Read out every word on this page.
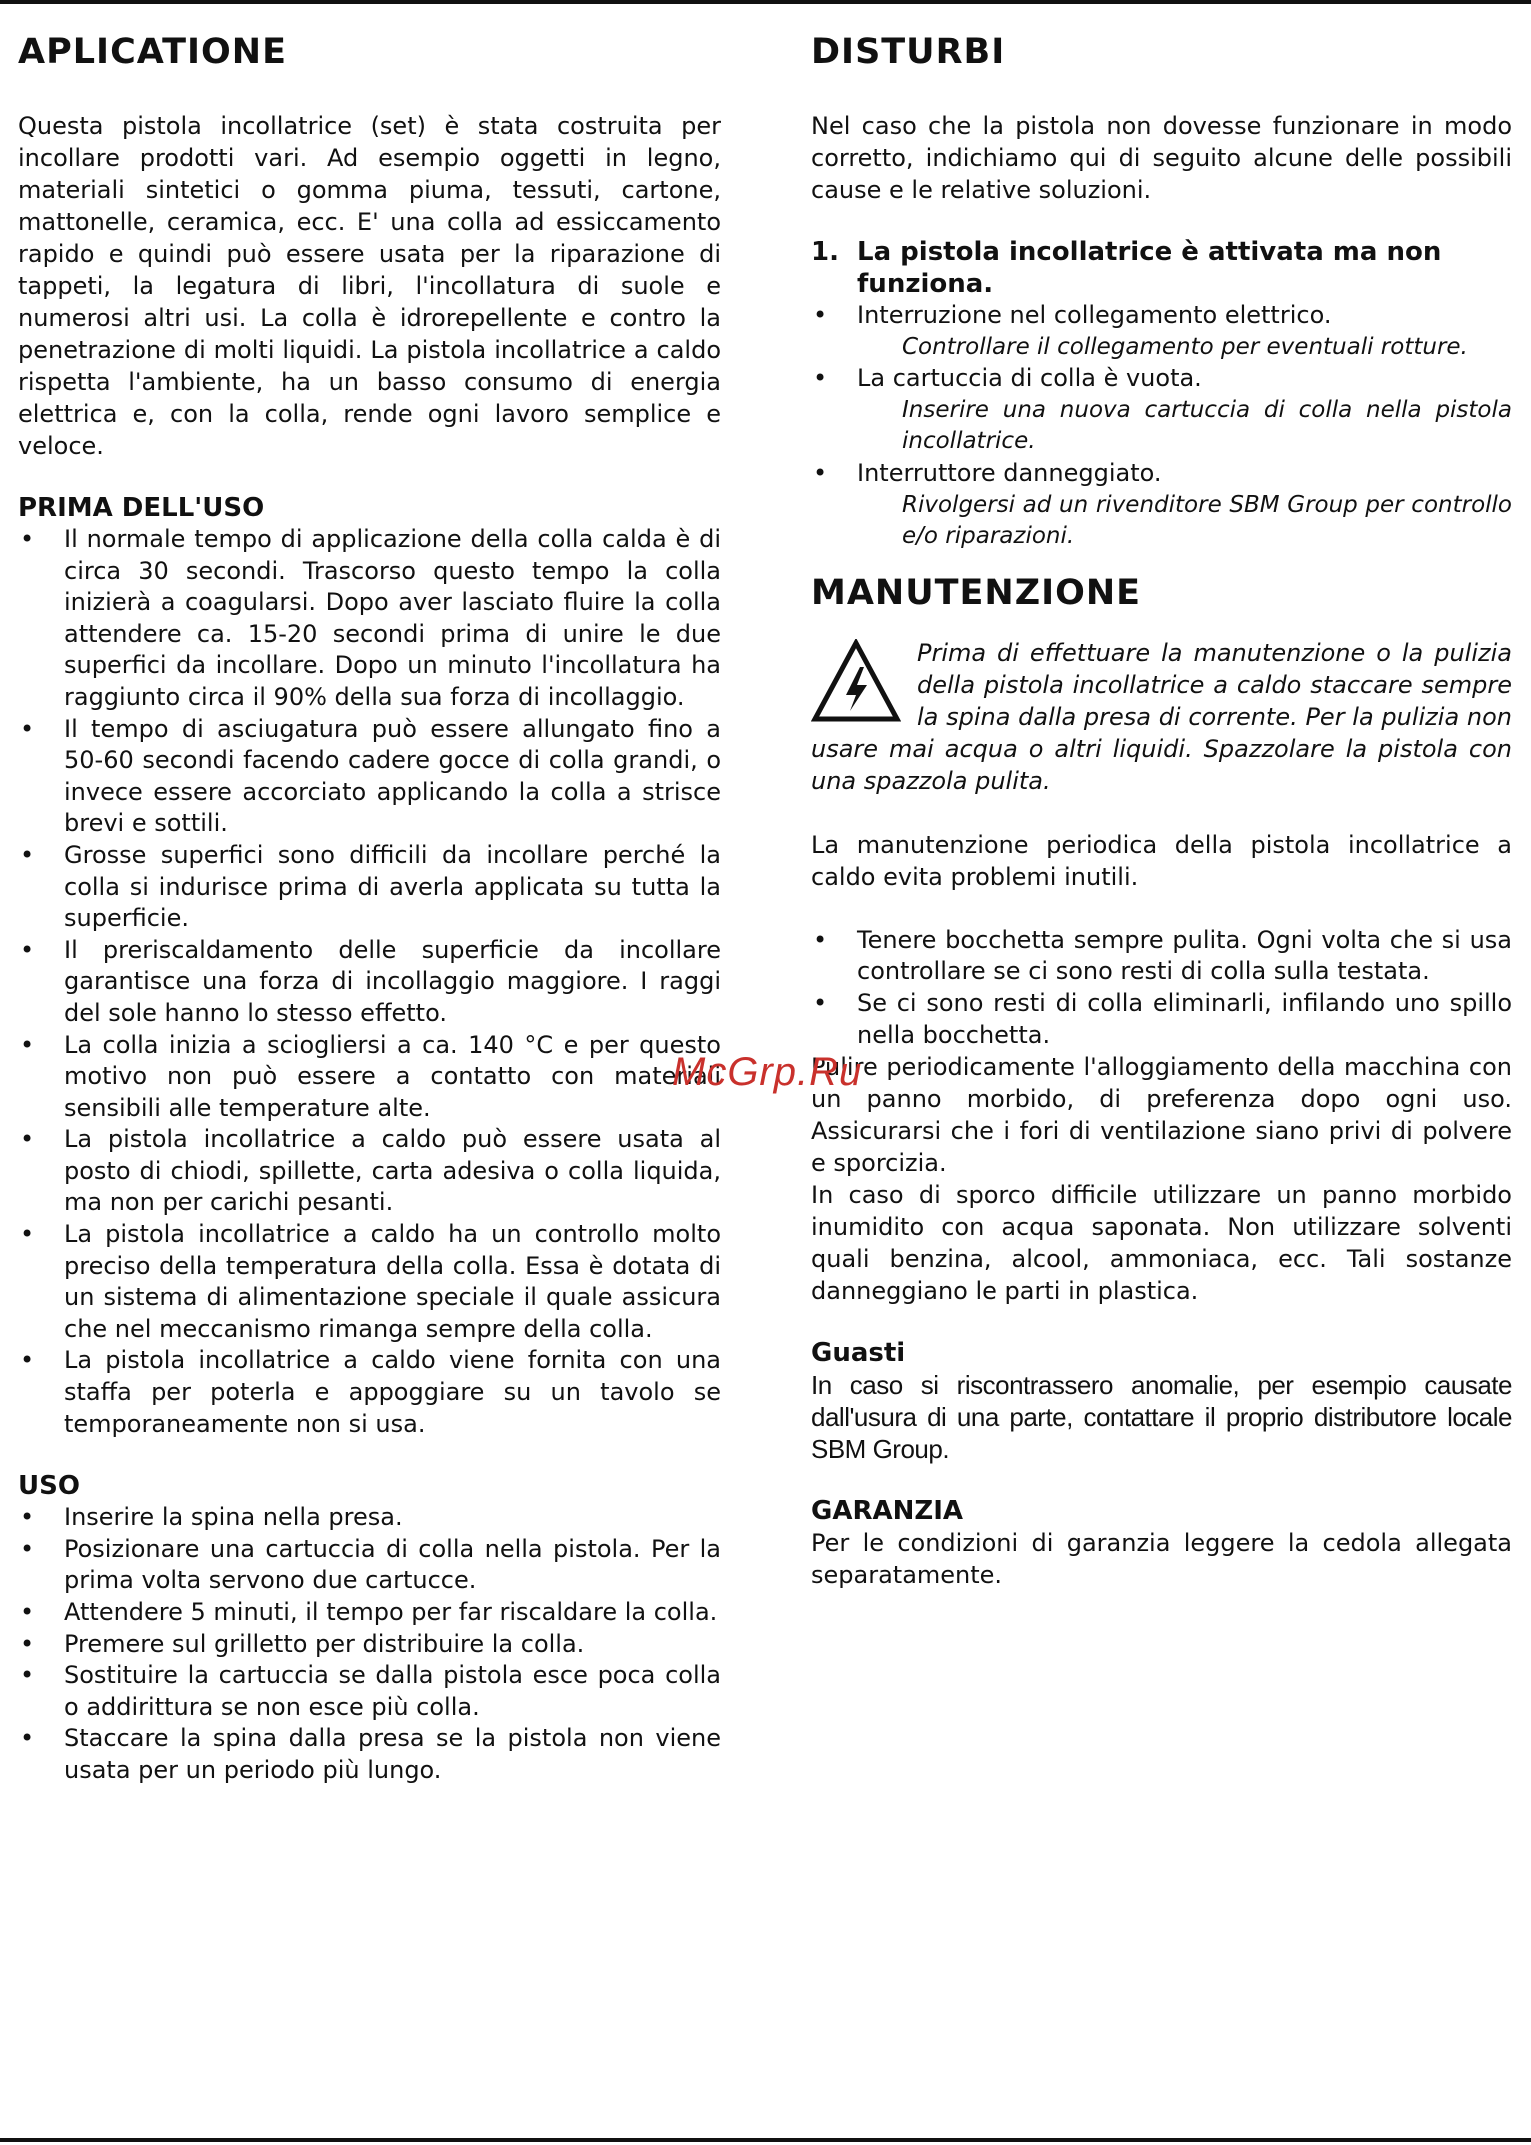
APLICATIONE

Questa pistola incollatrice (set) è stata costruita per incollare prodotti vari. Ad esempio oggetti in legno, materiali sintetici o gomma piuma, tessuti, cartone, mattonelle, ceramica, ecc. E' una colla ad essiccamento rapido e quindi può essere usata per la riparazione di tappeti, la legatura di libri, l'incollatura di suole e numerosi altri usi. La colla è idrorepellente e contro la penetrazione di molti liquidi. La pistola incollatrice a caldo rispetta l'ambiente, ha un basso consumo di energia elettrica e, con la colla, rende ogni lavoro semplice e veloce.

PRIMA DELL'USO
• Il normale tempo di applicazione della colla calda è di circa 30 secondi. Trascorso questo tempo la colla inizierà a coagularsi. Dopo aver lasciato fluire la colla attendere ca. 15-20 secondi prima di unire le due superfici da incollare. Dopo un minuto l'incollatura ha raggiunto circa il 90% della sua forza di incollaggio.
• Il tempo di asciugatura può essere allungato fino a 50-60 secondi facendo cadere gocce di colla grandi, o invece essere accorciato applicando la colla a strisce brevi e sottili.
• Grosse superfici sono difficili da incollare perché la colla si indurisce prima di averla applicata su tutta la superficie.
• Il preriscaldamento delle superficie da incollare garantisce una forza di incollaggio maggiore. I raggi del sole hanno lo stesso effetto.
• La colla inizia a sciogliersi a ca. 140 °C e per questo motivo non può essere a contatto con materiali sensibili alle temperature alte.
• La pistola incollatrice a caldo può essere usata al posto di chiodi, spillette, carta adesiva o colla liquida, ma non per carichi pesanti.
• La pistola incollatrice a caldo ha un controllo molto preciso della temperatura della colla. Essa è dotata di un sistema di alimentazione speciale il quale assicura che nel meccanismo rimanga sempre della colla.
• La pistola incollatrice a caldo viene fornita con una staffa per poterla e appoggiare su un tavolo se temporaneamente non si usa.
USO
• Inserire la spina nella presa.
• Posizionare una cartuccia di colla nella pistola. Per la prima volta servono due cartucce.
• Attendere 5 minuti, il tempo per far riscaldare la colla.
• Premere sul grilletto per distribuire la colla.
• Sostituire la cartuccia se dalla pistola esce poca colla o addirittura se non esce più colla.
• Staccare la spina dalla presa se la pistola non viene usata per un periodo più lungo.
DISTURBI

Nel caso che la pistola non dovesse funzionare in modo corretto, indichiamo qui di seguito alcune delle possibili cause e le relative soluzioni.

1. La pistola incollatrice è attivata ma non funziona.
• Interruzione nel collegamento elettrico.
Controllare il collegamento per eventuali rotture.
• La cartuccia di colla è vuota.
Inserire una nuova cartuccia di colla nella pistola incollatrice.
• Interruttore danneggiato.
Rivolgersi ad un rivenditore SBM Group per controllo e/o riparazioni.
MANUTENZIONE

Prima di effettuare la manutenzione o la pulizia della pistola incollatrice a caldo staccare sempre la spina dalla presa di corrente. Per la pulizia non usare mai acqua o altri liquidi. Spazzolare la pistola con una spazzola pulita.

La manutenzione periodica della pistola incollatrice a caldo evita problemi inutili.

• Tenere bocchetta sempre pulita. Ogni volta che si usa controllare se ci sono resti di colla sulla testata.
• Se ci sono resti di colla eliminarli, infilando uno spillo nella bocchetta.

Pulire periodicamente l'alloggiamento della macchina con un panno morbido, di preferenza dopo ogni uso. Assicurarsi che i fori di ventilazione siano privi di polvere e sporcizia.

In caso di sporco difficile utilizzare un panno morbido inumidito con acqua saponata. Non utilizzare solventi quali benzina, alcool, ammoniaca, ecc. Tali sostanze danneggiano le parti in plastica.

Guasti

In caso si riscontrassero anomalie, per esempio causate dall'usura di una parte, contattare il proprio distributore locale SBM Group.

GARANZIA

Per le condizioni di garanzia leggere la cedola allegata separatamente.

McGrp.Ru
